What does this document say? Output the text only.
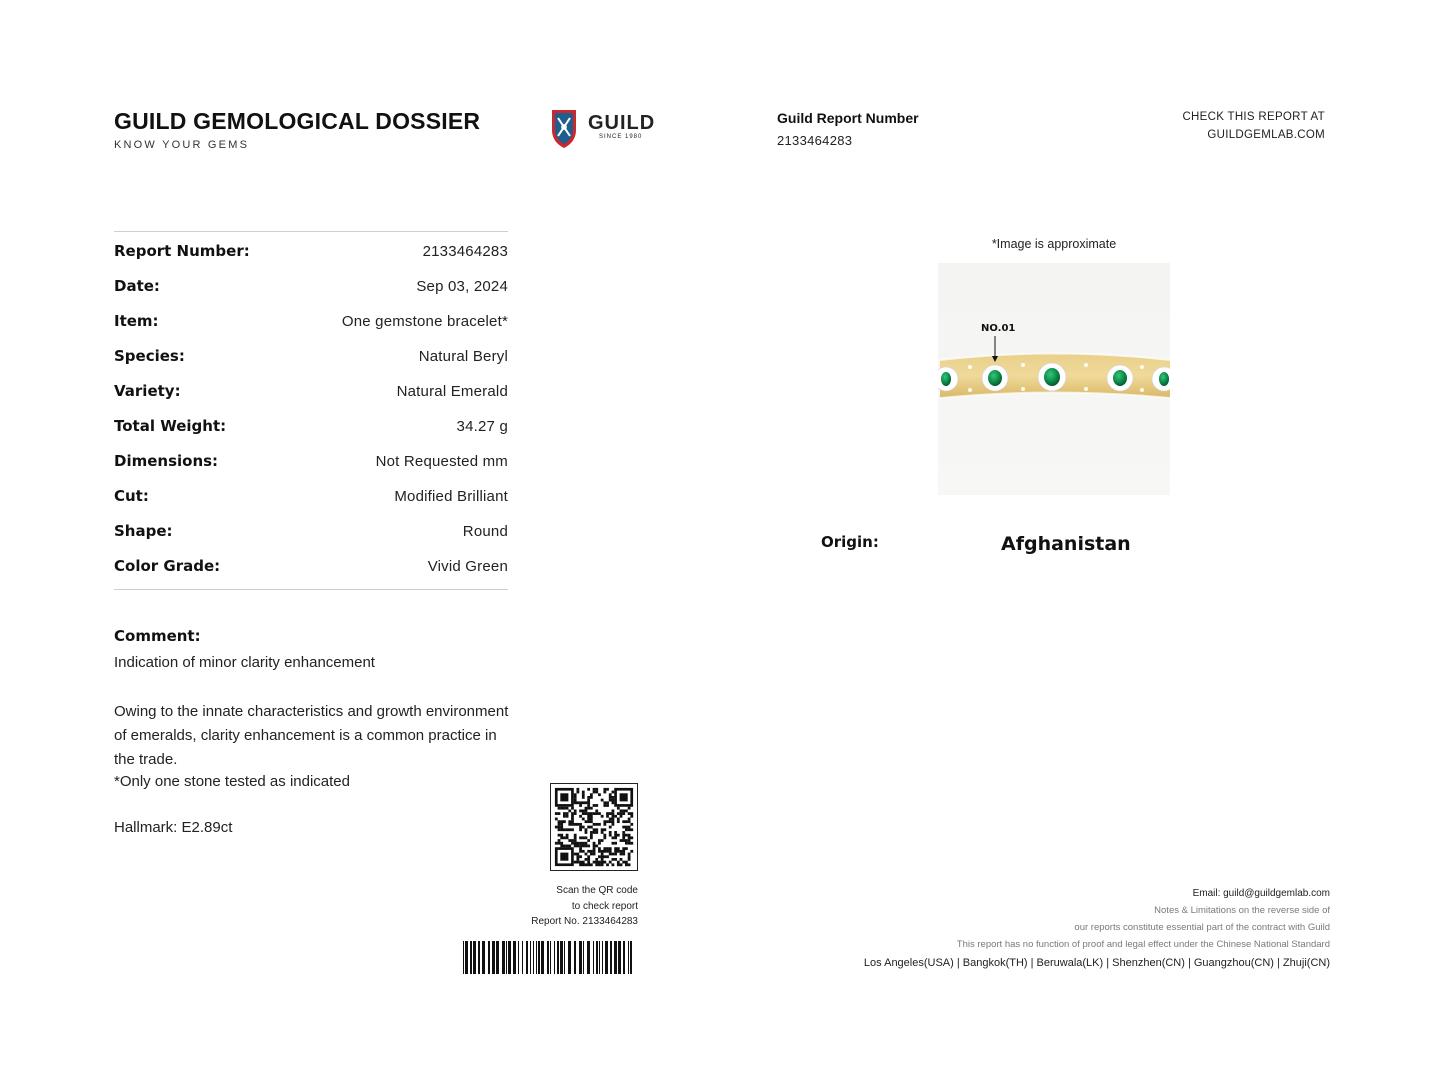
GUILD GEMOLOGICAL DOSSIER
KNOW YOUR GEMS
GUILD
SINCE 1980
Guild Report Number
2133464283
CHECK THIS REPORT AT
GUILDGEMLAB.COM
Report Number:	2133464283
Date:	Sep 03, 2024
Item:	One gemstone bracelet*
Species:	Natural Beryl
Variety:	Natural Emerald
Total Weight:	34.27 g
Dimensions:	Not Requested mm
Cut:	Modified Brilliant
Shape:	Round
Color Grade:	Vivid Green
Comment:
Indication of minor clarity enhancement
Owing to the innate characteristics and growth environment of emeralds, clarity enhancement is a common practice in the trade.
*Only one stone tested as indicated
Hallmark: E2.89ct
Scan the QR code
to check report
Report No. 2133464283
*Image is approximate
NO.01
Origin:	Afghanistan
Email: guild@guildgemlab.com
Notes & Limitations on the reverse side of
our reports constitute essential part of the contract with Guild
This report has no function of proof and legal effect under the Chinese National Standard
Los Angeles(USA) | Bangkok(TH) | Beruwala(LK) | Shenzhen(CN) | Guangzhou(CN) | Zhuji(CN)
